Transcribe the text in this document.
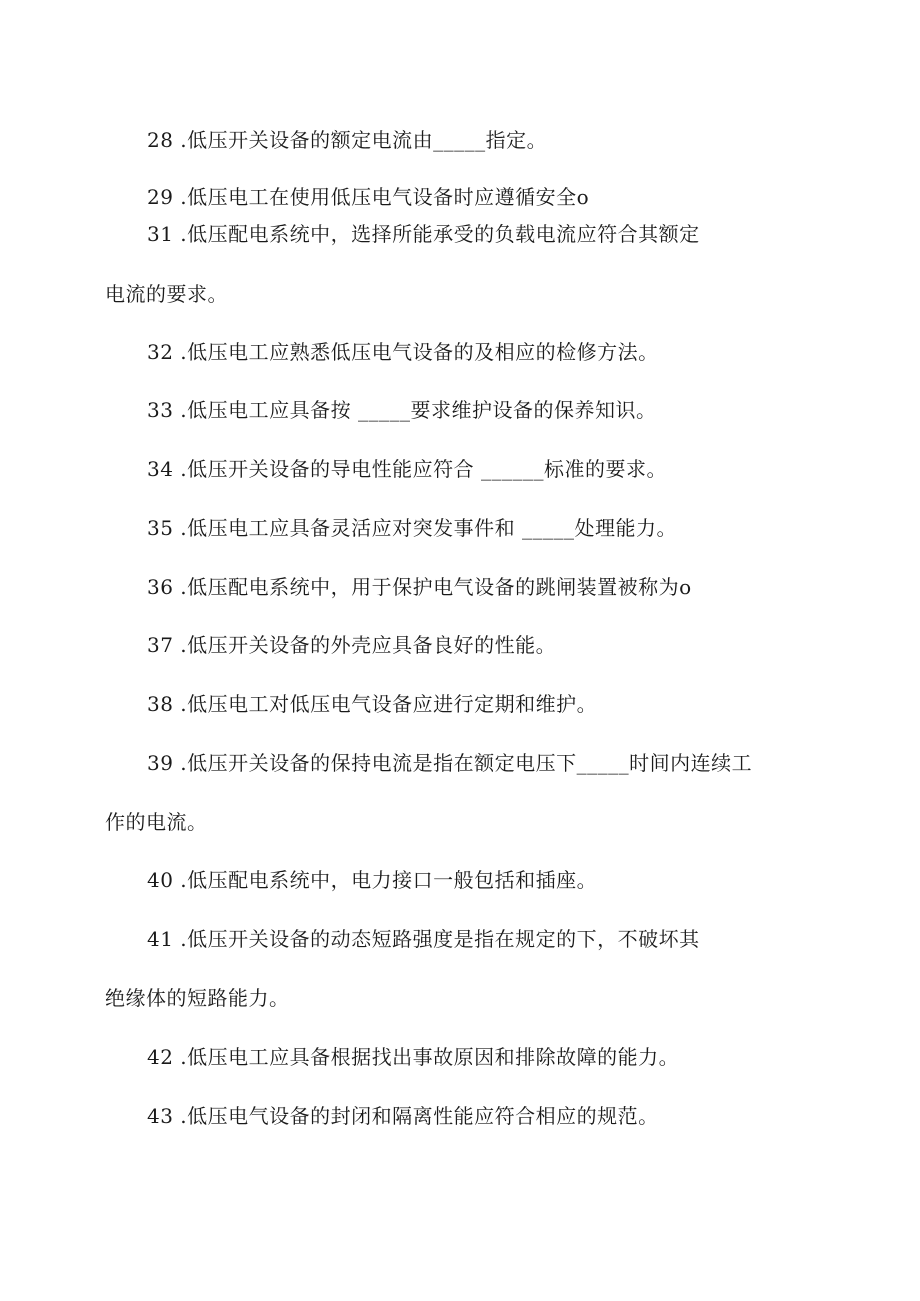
28 .低压开关设备的额定电流由_____指定。
29 .低压电工在使用低压电气设备时应遵循安全o
31 .低压配电系统中，选择所能承受的负载电流应符合其额定
电流的要求。
32 .低压电工应熟悉低压电气设备的及相应的检修方法。
33 .低压电工应具备按 _____要求维护设备的保养知识。
34 .低压开关设备的导电性能应符合 ______标准的要求。
35 .低压电工应具备灵活应对突发事件和 _____处理能力。
36 .低压配电系统中，用于保护电气设备的跳闸装置被称为o
37 .低压开关设备的外壳应具备良好的性能。
38 .低压电工对低压电气设备应进行定期和维护。
39 .低压开关设备的保持电流是指在额定电压下_____时间内连续工
作的电流。
40 .低压配电系统中，电力接口一般包括和插座。
41 .低压开关设备的动态短路强度是指在规定的下，不破坏其
绝缘体的短路能力。
42 .低压电工应具备根据找出事故原因和排除故障的能力。
43 .低压电气设备的封闭和隔离性能应符合相应的规范。
